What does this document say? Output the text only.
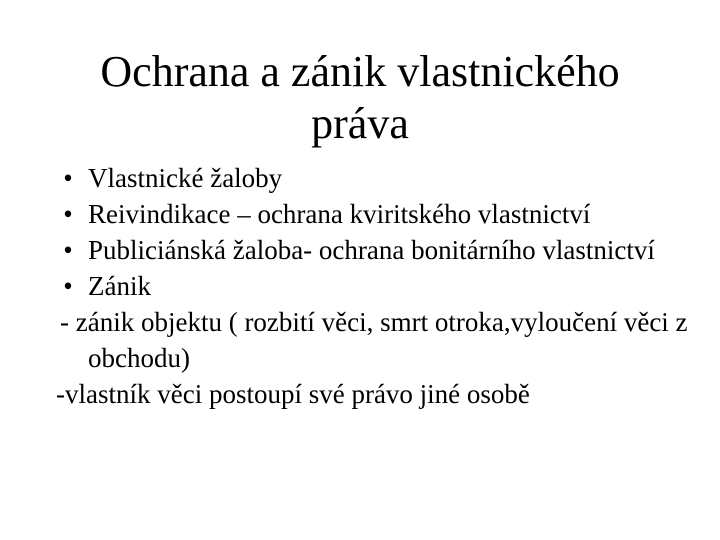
Ochrana a zánik vlastnického
práva
• Vlastnické žaloby
• Reivindikace – ochrana kviritského vlastnictví
• Publiciánská žaloba- ochrana bonitárního vlastnictví
• Zánik
- zánik objektu ( rozbití věci, smrt otroka,vyloučení věci z obchodu)
-vlastník věci postoupí své právo jiné osobě
